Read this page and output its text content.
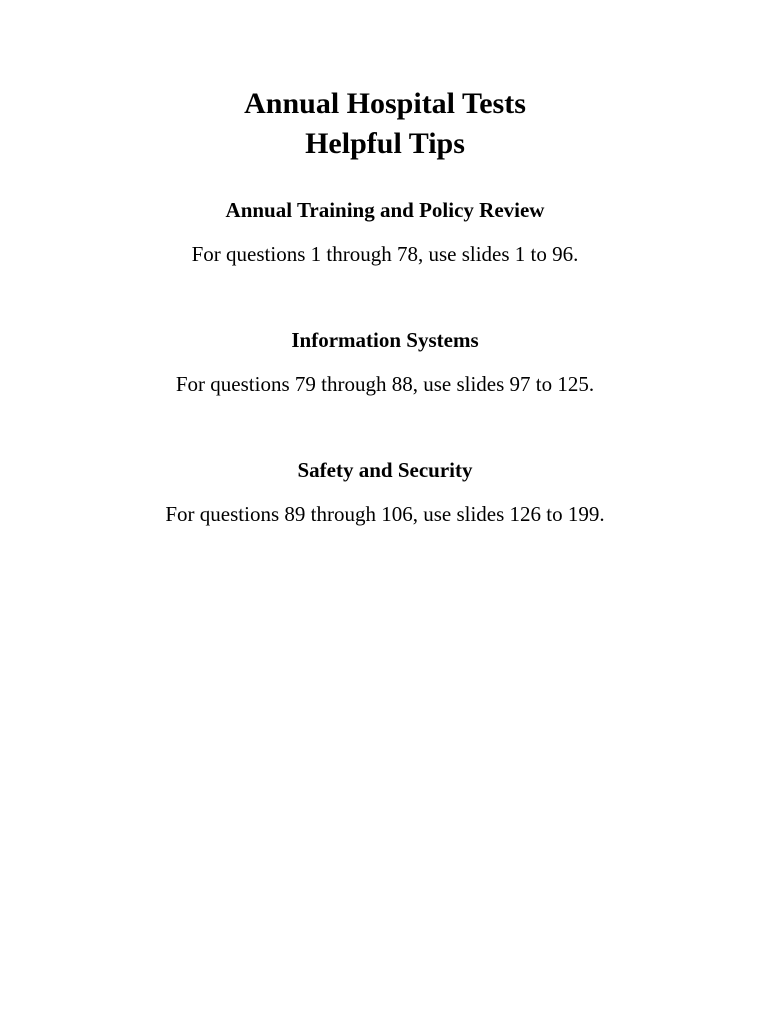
Annual Hospital Tests
Helpful Tips
Annual Training and Policy Review
For questions 1 through 78, use slides 1 to 96.
Information Systems
For questions 79 through 88, use slides 97 to 125.
Safety and Security
For questions 89 through 106, use slides 126 to 199.
